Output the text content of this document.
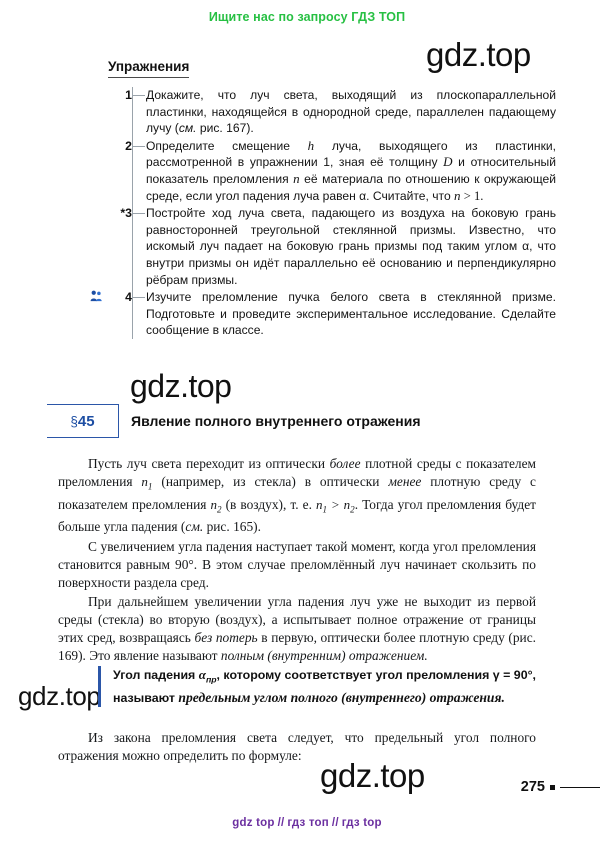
Ищите нас по запросу ГДЗ ТОП
gdz.top
gdz.top
gdz.top
gdz.top
Упражнения
1 Докажите, что луч света, выходящий из плоскопараллельной пластинки, находящейся в однородной среде, параллелен падающему лучу (см. рис. 167).
2 Определите смещение h луча, выходящего из пластинки, рассмотренной в упражнении 1, зная её толщину D и относительный показатель преломления n её материала по отношению к окружающей среде, если угол падения луча равен α. Считайте, что n > 1.
*3 Постройте ход луча света, падающего из воздуха на боковую грань равносторонней треугольной стеклянной призмы. Известно, что искомый луч падает на боковую грань призмы под таким углом α, что внутри призмы он идёт параллельно её основанию и перпендикулярно рёбрам призмы.
4 Изучите преломление пучка белого света в стеклянной призме. Подготовьте и проведите экспериментальное исследование. Сделайте сообщение в классе.
§45	Явление полного внутреннего отражения

Пусть луч света переходит из оптически более плотной среды с показателем преломления $n_1$ (например, из стекла) в оптически менее плотную среду с показателем преломления $n_2$ (в воздух), т. е. $n_1 > n_2$. Тогда угол преломления будет больше угла падения (см. рис. 165).

С увеличением угла падения наступает такой момент, когда угол преломления становится равным 90°. В этом случае преломлённый луч начинает скользить по поверхности раздела сред.

При дальнейшем увеличении угла падения луч уже не выходит из первой среды (стекла) во вторую (воздух), а испытывает полное отражение от границы этих сред, возвращаясь без потерь в первую, оптически более плотную среду (рис. 169). Это явление называют полным (внутренним) отражением.

Угол падения $\alpha_{пр}$, которому соответствует угол преломления γ = 90°, называют предельным углом полного (внутреннего) отражения.

Из закона преломления света следует, что предельный угол полного отражения можно определить по формуле:

275
gdz top // гдз топ // гдз top
